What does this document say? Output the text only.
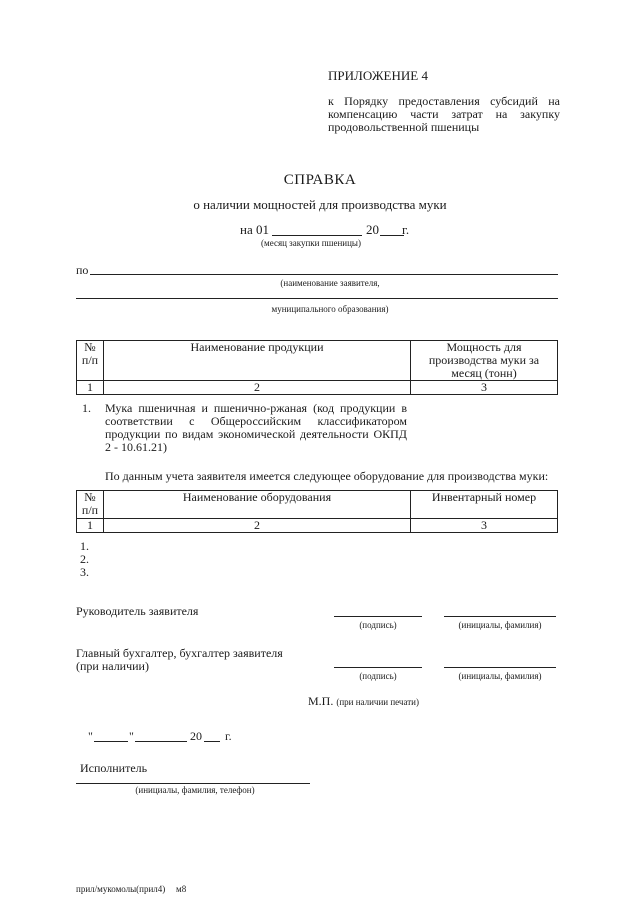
ПРИЛОЖЕНИЕ 4
к Порядку предоставления субсидий на компенсацию части затрат на закупку продовольственной пшеницы
СПРАВКА
о наличии мощностей для производства муки
на 01	20 г.
(месяц закупки пшеницы)
по
(наименование заявителя,
муниципального образования)
№ п/п	Наименование продукции	Мощность для производства муки за месяц (тонн)
1	2	3
1. Мука пшеничная и пшенично-ржаная (код продукции в соответствии с Общероссийским классификатором продукции по видам экономической деятельности ОКПД 2 - 10.61.21)
По данным учета заявителя имеется следующее оборудование для производства муки:
№ п/п	Наименование оборудования	Инвентарный номер
1	2	3
1.
2.
3.
Руководитель заявителя
(подпись)	(инициалы, фамилия)
Главный бухгалтер, бухгалтер заявителя
(при наличии)
(подпись)	(инициалы, фамилия)
М.П. (при наличии печати)
"	"	20 г.
Исполнитель
(инициалы, фамилия, телефон)
прил/мукомолы(прил4) м8
